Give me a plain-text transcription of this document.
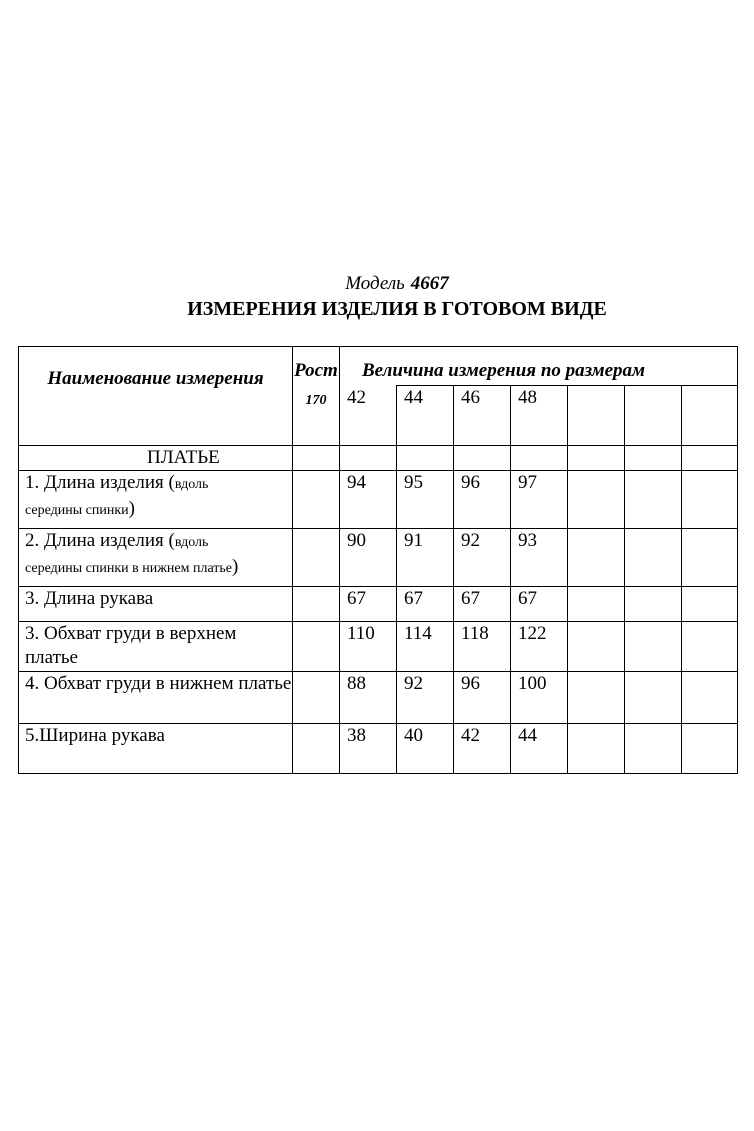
Модель 4667
ИЗМЕРЕНИЯ ИЗДЕЛИЯ В ГОТОВОМ ВИДЕ
Наименование измерения	Рост
170	Величина измерения по размерам						
		42	44	46	48			
ПЛАТЬЕ								
1. Длина изделия (вдоль
середины спинки)		94	95	96	97			
2. Длина изделия (вдоль
середины спинки в нижнем платье)		90	91	92	93			
3. Длина рукава		67	67	67	67			
3. Обхват груди в верхнем платье		110	114	118	122			
4. Обхват груди в нижнем платье		88	92	96	100			
5.Ширина рукава		38	40	42	44			
